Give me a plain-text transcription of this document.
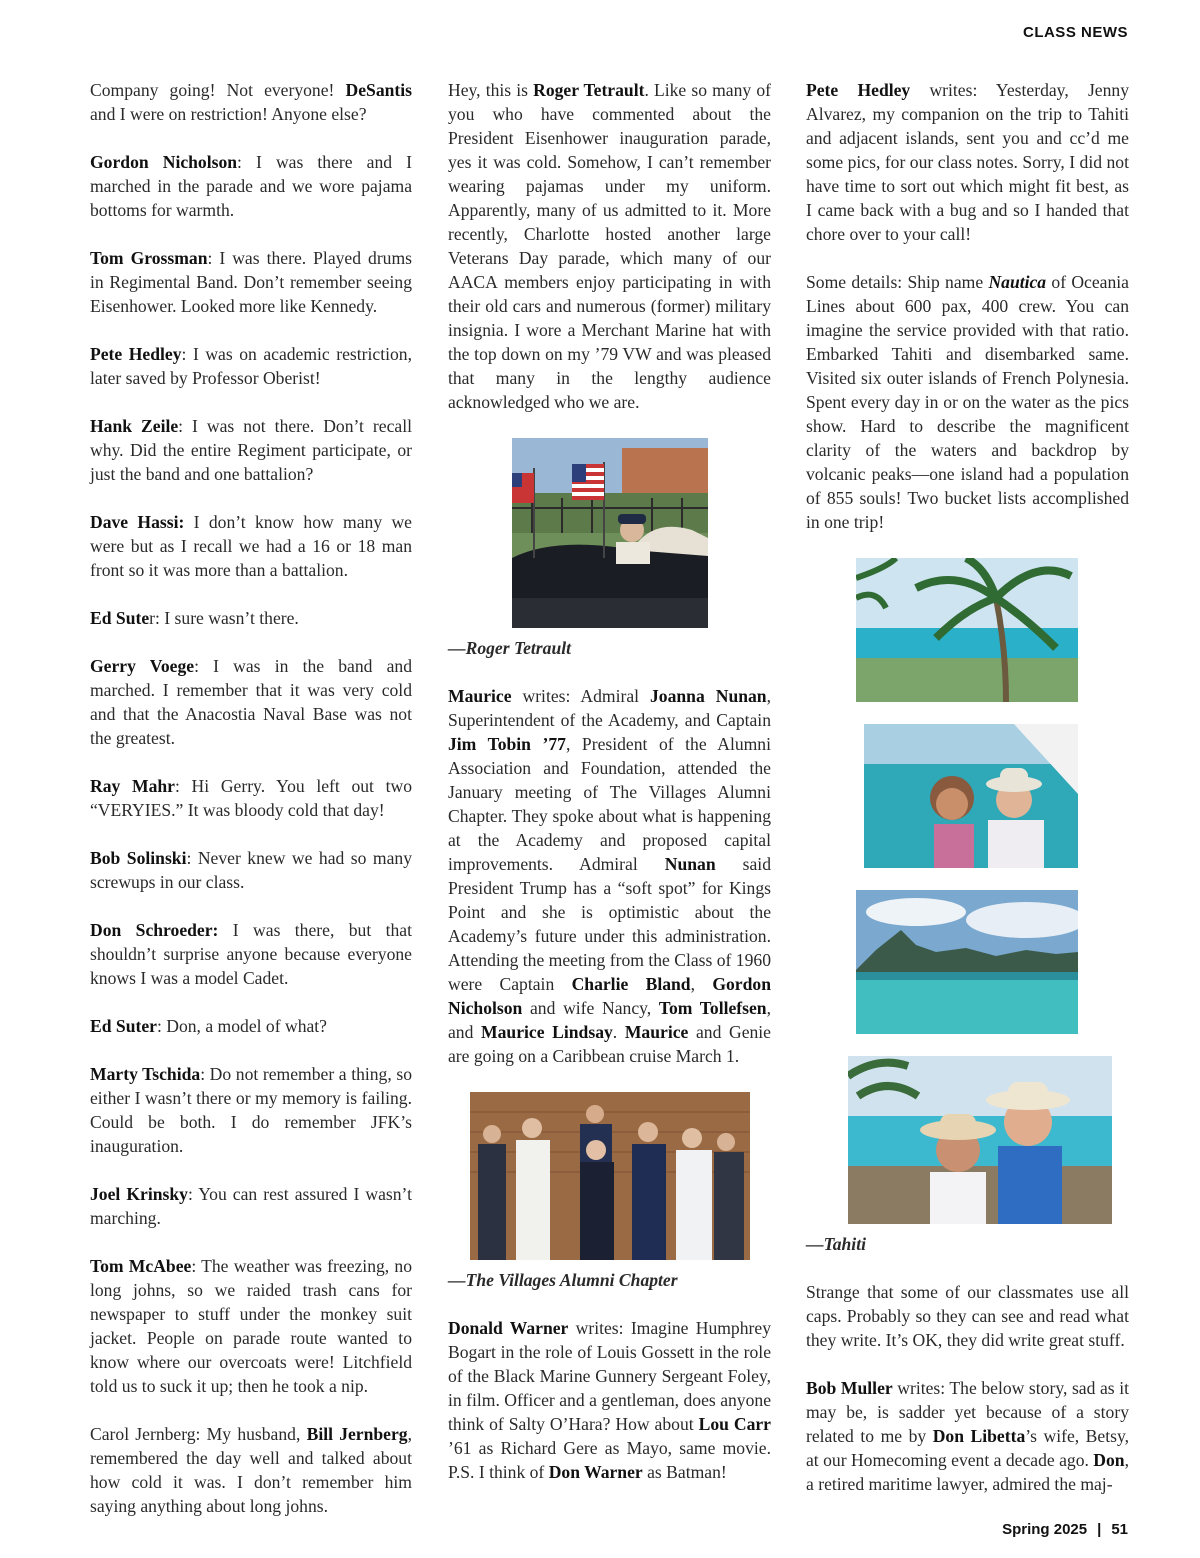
CLASS NEWS

Company going! Not everyone! DeSantis and I were on restriction! Anyone else?

Gordon Nicholson: I was there and I marched in the parade and we wore pajama bottoms for warmth.

Tom Grossman: I was there. Played drums in Regimental Band. Don’t remember seeing Eisenhower. Looked more like Kennedy.

Pete Hedley: I was on academic restriction, later saved by Professor Oberist!

Hank Zeile: I was not there. Don’t recall why. Did the entire Regiment participate, or just the band and one battalion?

Dave Hassi: I don’t know how many we were but as I recall we had a 16 or 18 man front so it was more than a battalion.

Ed Suter: I sure wasn’t there.

Gerry Voege: I was in the band and marched. I remember that it was very cold and that the Anacostia Naval Base was not the greatest.

Ray Mahr: Hi Gerry. You left out two “VERYIES.” It was bloody cold that day!

Bob Solinski: Never knew we had so many screwups in our class.

Don Schroeder: I was there, but that shouldn’t surprise anyone because everyone knows I was a model Cadet.

Ed Suter: Don, a model of what?

Marty Tschida: Do not remember a thing, so either I wasn’t there or my memory is failing. Could be both. I do remember JFK’s inauguration.

Joel Krinsky: You can rest assured I wasn’t marching.

Tom McAbee: The weather was freezing, no long johns, so we raided trash cans for newspaper to stuff under the monkey suit jacket. People on parade route wanted to know where our overcoats were! Litchfield told us to suck it up; then he took a nip.

Carol Jernberg: My husband, Bill Jernberg, remembered the day well and talked about how cold it was. I don’t remember him saying anything about long johns.

Hey, this is Roger Tetrault. Like so many of you who have commented about the President Eisenhower inauguration parade, yes it was cold. Somehow, I can’t remember wearing pajamas under my uniform. Apparently, many of us admitted to it. More recently, Charlotte hosted another large Veterans Day parade, which many of our AACA members enjoy participating in with their old cars and numerous (former) military insignia. I wore a Merchant Marine hat with the top down on my ’79 VW and was pleased that many in the lengthy audience acknowledged who we are.

—Roger Tetrault

Maurice writes: Admiral Joanna Nunan, Superintendent of the Academy, and Captain Jim Tobin ’77, President of the Alumni Association and Foundation, attended the January meeting of The Villages Alumni Chapter. They spoke about what is happening at the Academy and proposed capital improvements. Admiral Nunan said President Trump has a “soft spot” for Kings Point and she is optimistic about the Academy’s future under this administration. Attending the meeting from the Class of 1960 were Captain Charlie Bland, Gordon Nicholson and wife Nancy, Tom Tollefsen, and Maurice Lindsay. Maurice and Genie are going on a Caribbean cruise March 1.

—The Villages Alumni Chapter

Donald Warner writes: Imagine Humphrey Bogart in the role of Louis Gossett in the role of the Black Marine Gunnery Sergeant Foley, in film. Officer and a gentleman, does anyone think of Salty O’Hara? How about Lou Carr ’61 as Richard Gere as Mayo, same movie. P.S. I think of Don Warner as Batman!

Pete Hedley writes: Yesterday, Jenny Alvarez, my companion on the trip to Tahiti and adjacent islands, sent you and cc’d me some pics, for our class notes. Sorry, I did not have time to sort out which might fit best, as I came back with a bug and so I handed that chore over to your call!

Some details: Ship name Nautica of Oceania Lines about 600 pax, 400 crew. You can imagine the service provided with that ratio. Embarked Tahiti and disembarked same. Visited six outer islands of French Polynesia. Spent every day in or on the water as the pics show. Hard to describe the magnificent clarity of the waters and backdrop by volcanic peaks—one island had a population of 855 souls! Two bucket lists accomplished in one trip!

—Tahiti

Strange that some of our classmates use all caps. Probably so they can see and read what they write. It’s OK, they did write great stuff.

Bob Muller writes: The below story, sad as it may be, is sadder yet because of a story related to me by Don Libetta’s wife, Betsy, at our Homecoming event a decade ago. Don, a retired maritime lawyer, admired the maj-

Spring 2025 | 51
